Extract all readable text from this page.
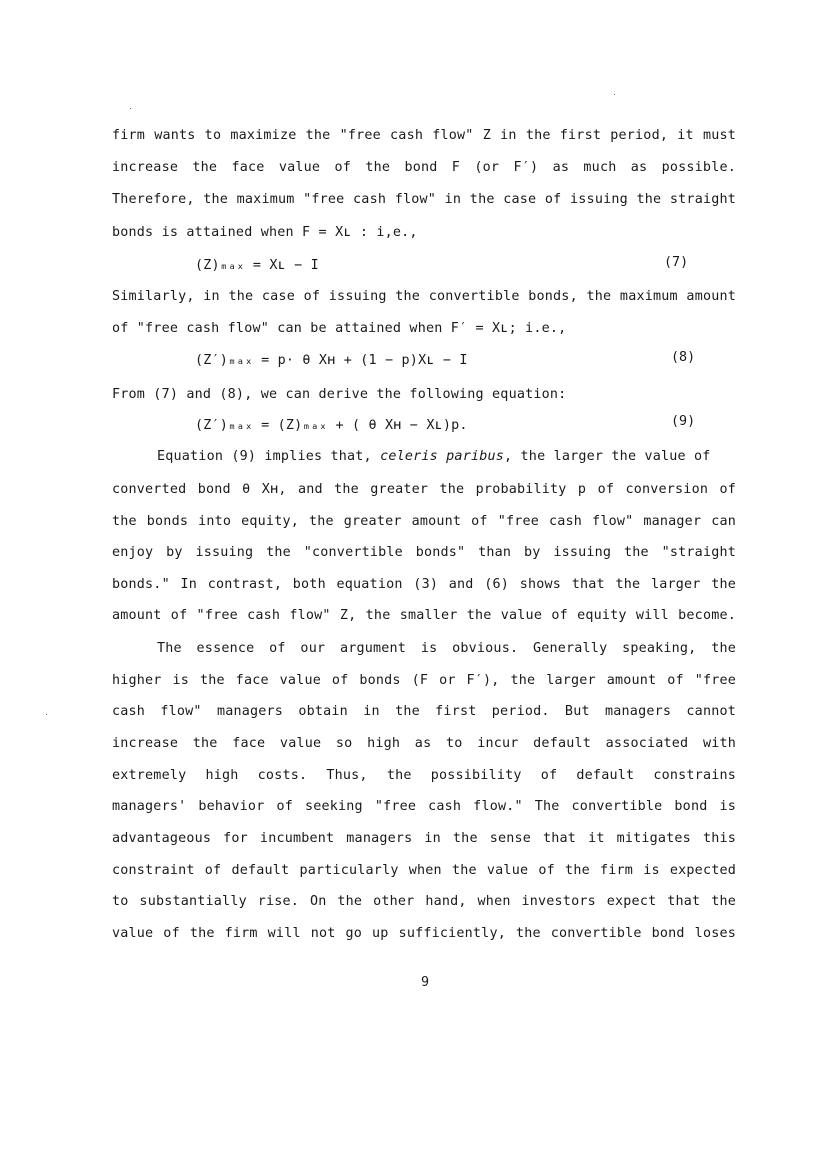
firm wants to maximize the "free cash flow" Z in the first period, it must
increase the face value of the bond F (or F′) as much as possible.
Therefore, the maximum "free cash flow" in the case of issuing the straight
bonds is attained when F = Xʟ : i,e.,
(Z)ₘₐₓ = Xʟ − I	(7)
Similarly, in the case of issuing the convertible bonds, the maximum amount
of "free cash flow" can be attained when F′ = Xʟ; i.e.,
(Z′)ₘₐₓ = p· θ Xʜ + (1 − p)Xʟ − I	(8)
From (7) and (8), we can derive the following equation:
(Z′)ₘₐₓ = (Z)ₘₐₓ + ( θ Xʜ − Xʟ)p.	(9)
Equation (9) implies that, celeris paribus, the larger the value of
converted bond θ Xʜ, and the greater the probability p of conversion of
the bonds into equity, the greater amount of "free cash flow" manager can
enjoy by issuing the "convertible bonds" than by issuing the "straight
bonds." In contrast, both equation (3) and (6) shows that the larger the
amount of "free cash flow" Z, the smaller the value of equity will become.
The essence of our argument is obvious. Generally speaking, the
higher is the face value of bonds (F or F′), the larger amount of "free
cash flow" managers obtain in the first period. But managers cannot
increase the face value so high as to incur default associated with
extremely high costs. Thus, the possibility of default constrains
managers' behavior of seeking "free cash flow." The convertible bond is
advantageous for incumbent managers in the sense that it mitigates this
constraint of default particularly when the value of the firm is expected
to substantially rise. On the other hand, when investors expect that the
value of the firm will not go up sufficiently, the convertible bond loses
9
